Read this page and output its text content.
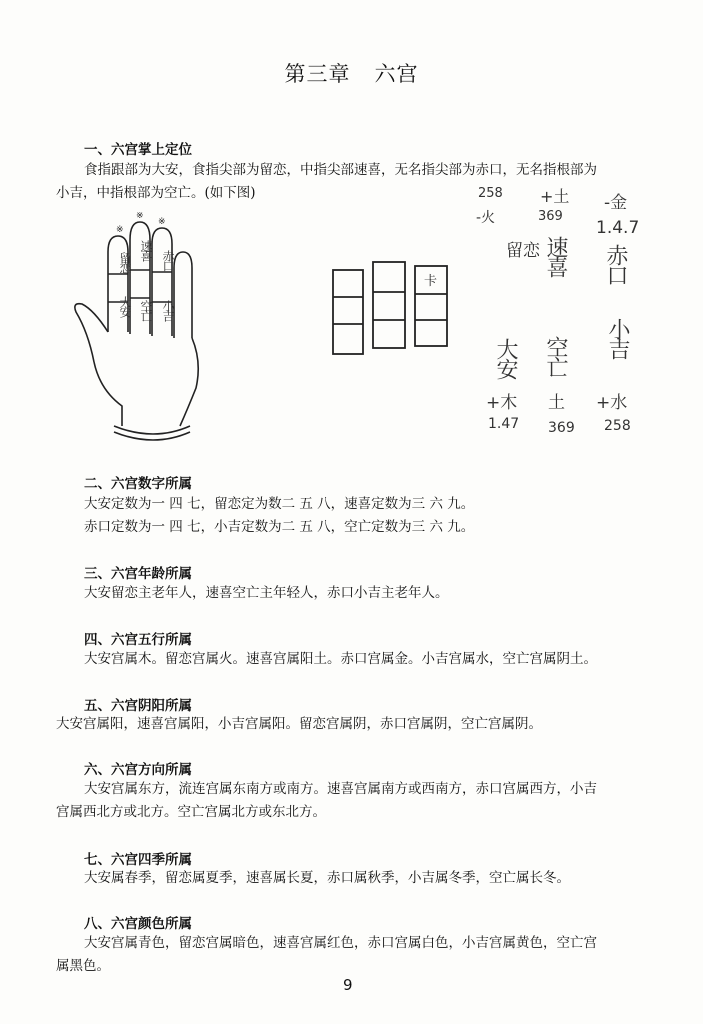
第三章 六宫
一、六宫掌上定位
食指跟部为大安，食指尖部为留恋，中指尖部速喜，无名指尖部为赤口，无名指根部为
小吉，中指根部为空亡。(如下图)
※
※
※
留恋
速喜 赤口
大安 空亡 小吉
卡
258
-火
+土
369
-金
1.4.7
留恋 速喜 赤口
大安 空亡 小吉
+木 土 +水
1.47 369 258
二、六宫数字所属
大安定数为一 四 七，留恋定为数二 五 八，速喜定数为三 六 九。
赤口定数为一 四 七，小吉定数为二 五 八，空亡定数为三 六 九。
三、六宫年龄所属
大安留恋主老年人，速喜空亡主年轻人，赤口小吉主老年人。
四、六宫五行所属
大安宫属木。留恋宫属火。速喜宫属阳土。赤口宫属金。小吉宫属水，空亡宫属阴土。
五、六宫阴阳所属
大安宫属阳，速喜宫属阳，小吉宫属阳。留恋宫属阴，赤口宫属阴，空亡宫属阴。
六、六宫方向所属
大安宫属东方，流连宫属东南方或南方。速喜宫属南方或西南方，赤口宫属西方，小吉
宫属西北方或北方。空亡宫属北方或东北方。
七、六宫四季所属
大安属春季，留恋属夏季，速喜属长夏，赤口属秋季，小吉属冬季，空亡属长冬。
八、六宫颜色所属
大安宫属青色，留恋宫属暗色，速喜宫属红色，赤口宫属白色，小吉宫属黄色，空亡宫
属黑色。
9
